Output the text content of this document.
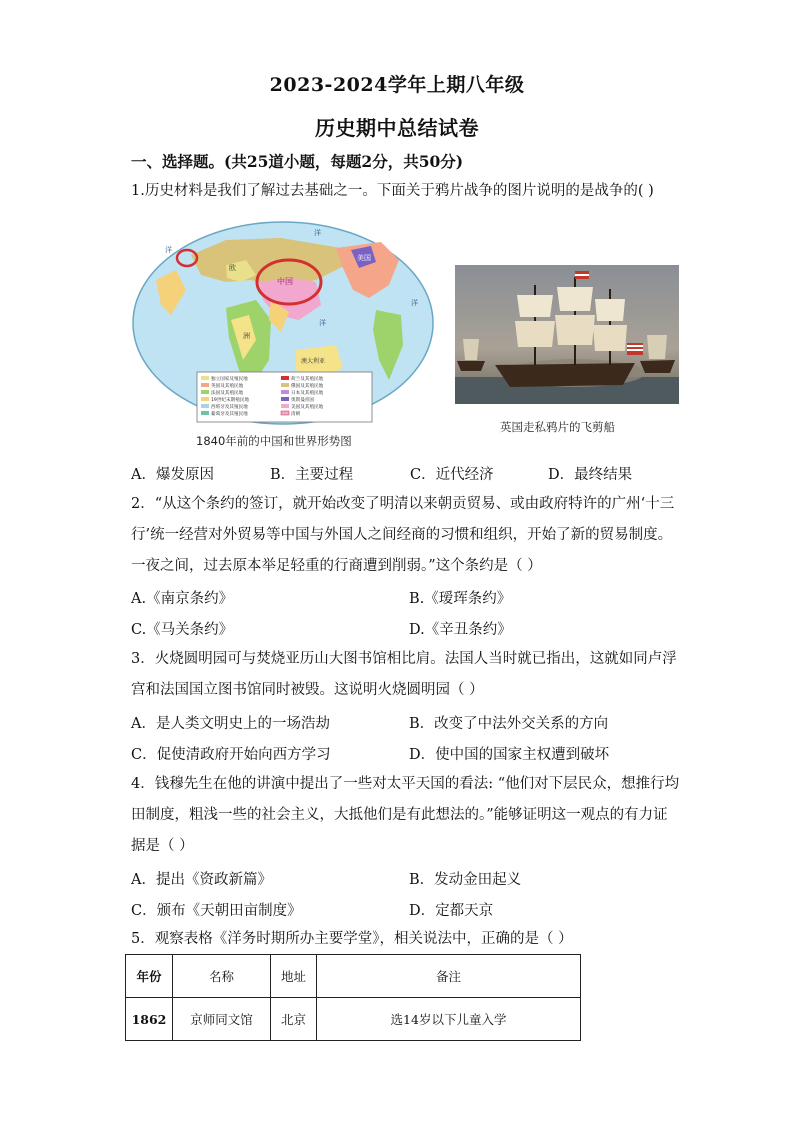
2023-2024学年上期八年级
历史期中总结试卷
一、选择题。(共25道小题，每题2分，共50分)
1.历史材料是我们了解过去基础之一。下面关于鸦片战争的图片说明的是战争的( )
洋
洋
洋
洋
中国
欧
美国
洲
澳大利亚
独立国家及殖民地
英国及其殖民地
法国及其殖民地
19世纪末期殖民地
西班牙及其殖民地
葡萄牙及其殖民地
荷兰及其殖民地
俄国及其殖民地
日本及其殖民地
奥斯曼帝国
美国及其殖民地
清朝
1840年前的中国和世界形势图
英国走私鸦片的飞剪船
A．爆发原因	B．主要过程	C．近代经济	D．最终结果
2．“从这个条约的签订，就开始改变了明清以来朝贡贸易、或由政府特许的广州‘十三
行’统一经营对外贸易等中国与外国人之间经商的习惯和组织，开始了新的贸易制度。
一夜之间，过去原本举足轻重的行商遭到削弱。”这个条约是（ ）
A.《南京条约》	B.《瑷珲条约》
C.《马关条约》	D.《辛丑条约》
3．火烧圆明园可与焚烧亚历山大图书馆相比肩。法国人当时就已指出，这就如同卢浮
宫和法国国立图书馆同时被毁。这说明火烧圆明园（ ）
A．是人类文明史上的一场浩劫	B．改变了中法外交关系的方向
C．促使清政府开始向西方学习	D．使中国的国家主权遭到破坏
4．钱穆先生在他的讲演中提出了一些对太平天国的看法: “他们对下层民众，想推行均
田制度，粗浅一些的社会主义，大抵他们是有此想法的。”能够证明这一观点的有力证
据是（ ）
A．提出《资政新篇》	B．发动金田起义
C．颁布《天朝田亩制度》	D．定都天京
5．观察表格《洋务时期所办主要学堂》，相关说法中，正确的是（ ）
年份	名称	地址	备注
1862	京师同文馆	北京	选14岁以下儿童入学
